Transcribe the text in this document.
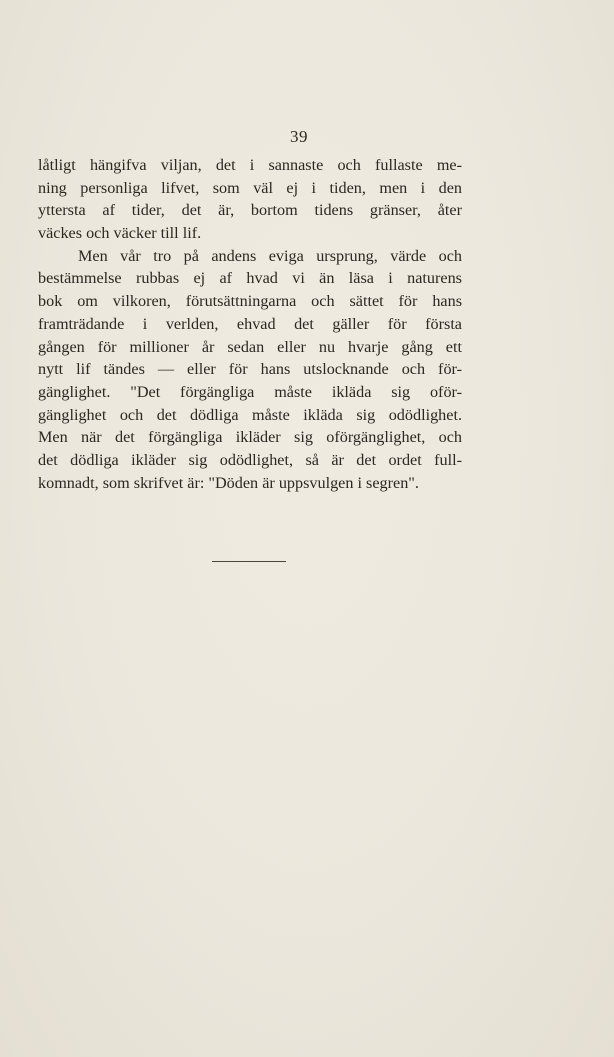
39
låtligt hängifva viljan, det i sannaste och fullaste me-
ning personliga lifvet, som väl ej i tiden, men i den
yttersta af tider, det är, bortom tidens gränser, åter
väckes och väcker till lif.
Men vår tro på andens eviga ursprung, värde och
bestämmelse rubbas ej af hvad vi än läsa i naturens
bok om vilkoren, förutsättningarna och sättet för hans
framträdande i verlden, ehvad det gäller för första
gången för millioner år sedan eller nu hvarje gång ett
nytt lif tändes — eller för hans utslocknande och för-
gänglighet. "Det förgängliga måste ikläda sig oför-
gänglighet och det dödliga måste ikläda sig odödlighet.
Men när det förgängliga ikläder sig oförgänglighet, och
det dödliga ikläder sig odödlighet, så är det ordet full-
komnadt, som skrifvet är: "Döden är uppsvulgen i segren".
